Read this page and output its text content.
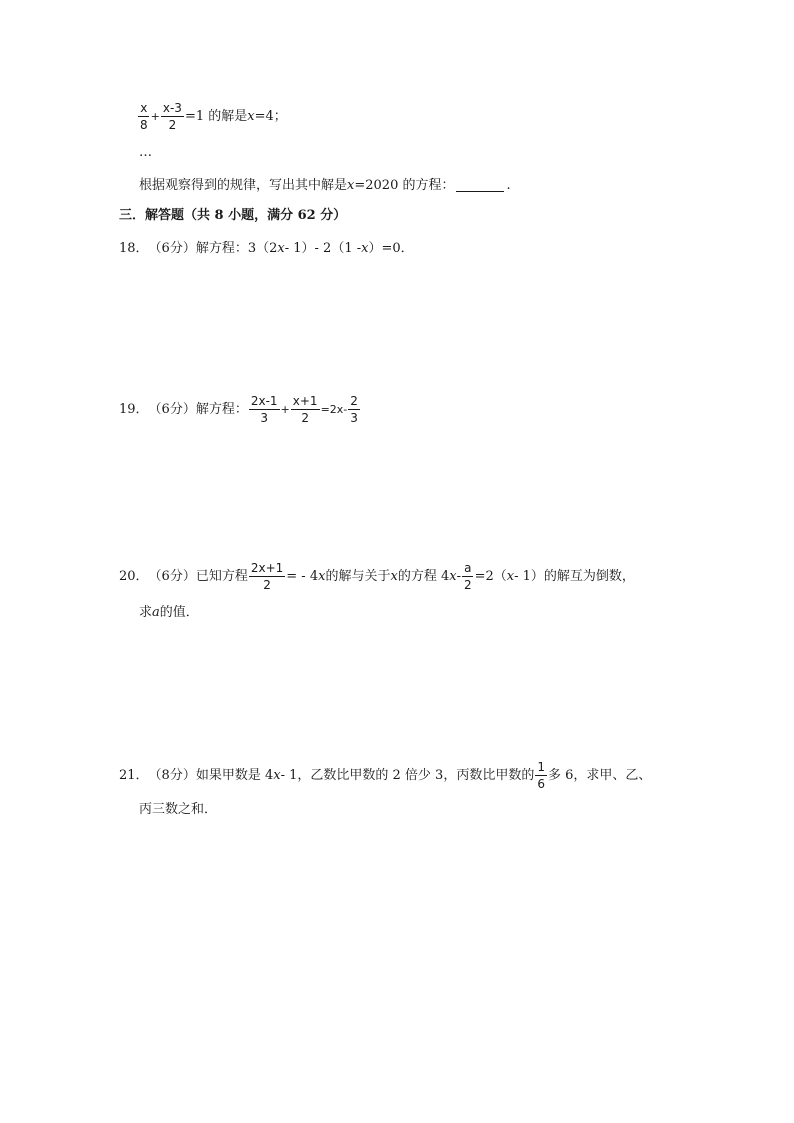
$\frac{x}{8} + \frac{x-3}{2} =1$ 的解是 x =4；
…
根据观察得到的规律，写出其中解是 x =2020 的方程：	.
三．解答题（共 8 小题，满分 62 分）
18． （6分） 解方程： 3（2 x - 1）- 2（1 - x ）=0．
19． （6分） 解方程： $\frac{2x-1}{3} + \frac{x+1}{2} =2x- \frac{2}{3}$
20． （6分） 已知方程 $\frac{2x+1}{2}$ = - 4 x 的解与关于 x 的方程 4 $x - \frac{a}{2} =2$（ x - 1）的解互为倒数，
求 a 的值．
21． （8分） 如果甲数是 4 x - 1，乙数比甲数的 2 倍少 3，丙数比甲数的 $\frac{1}{6}$ 多 6，求甲、乙、
丙三数之和．
